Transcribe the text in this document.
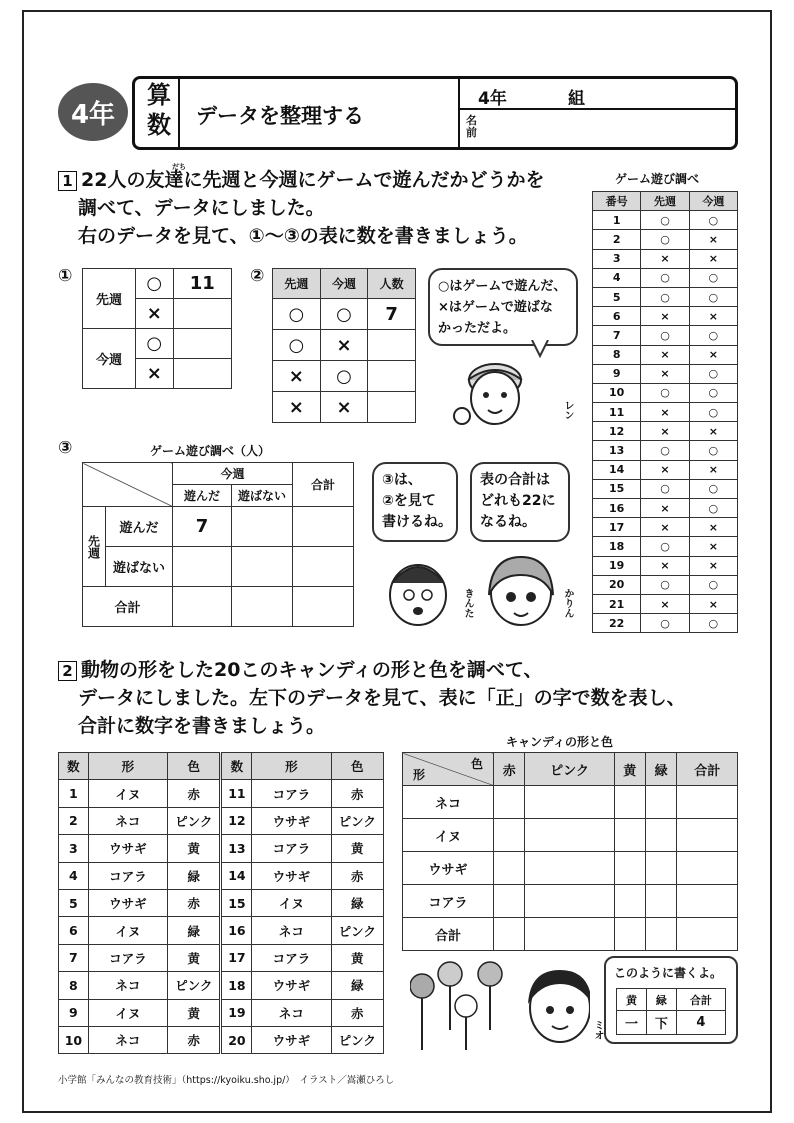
4年
算数	データを整理する
4年	組
名前
1 22人の友達に先週と今週にゲームで遊んだかどうかを
だち
調べて、データにしました。
右のデータを見て、①～③の表に数を書きましょう。
①
先週	○	11
	×	
今週	○	
	×	
② 先週	今週	人数
○	○	7
○	×	
×	○	
×	×	
○はゲームで遊んだ、
×はゲームで遊ばな
かっただよ。
レン
③	ゲーム遊び調べ（人）
		今週		合計
		遊んだ	遊ばない	
先週	遊んだ	7		
	遊ばない			
合計				
③は、
②を見て
書けるね。
表の合計は
どれも22に
なるね。
きんた	かりん
ゲーム遊び調べ
番号	先週	今週
1	○	○
2	○	×
3	×	×
4	○	○
5	○	○
6	×	×
7	○	○
8	×	×
9	×	○
10	○	○
11	×	○
12	×	×
13	○	○
14	×	×
15	○	○
16	×	○
17	×	×
18	○	×
19	×	×
20	○	○
21	×	×
22	○	○
2 動物の形をした20このキャンディの形と色を調べて、
データにしました。左下のデータを見て、表に「正」の字で数を表し、
合計に数字を書きましょう。
数	形	色	数	形	色
1	イヌ	赤	11	コアラ	赤
2	ネコ	ピンク	12	ウサギ	ピンク
3	ウサギ	黄	13	コアラ	黄
4	コアラ	緑	14	ウサギ	赤
5	ウサギ	赤	15	イヌ	緑
6	イヌ	緑	16	ネコ	ピンク
7	コアラ	黄	17	コアラ	黄
8	ネコ	ピンク	18	ウサギ	緑
9	イヌ	黄	19	ネコ	赤
10	ネコ	赤	20	ウサギ	ピンク
キャンディの形と色
形
色	赤	ピンク	黄	緑	合計
ネコ					
イヌ					
ウサギ					
コアラ					
合計					
ミオ
このように書くよ。
黄	緑	合計
一	下	4
小学館「みんなの教育技術」（https://kyoiku.sho.jp/）　イラスト／嵩瀬ひろし
